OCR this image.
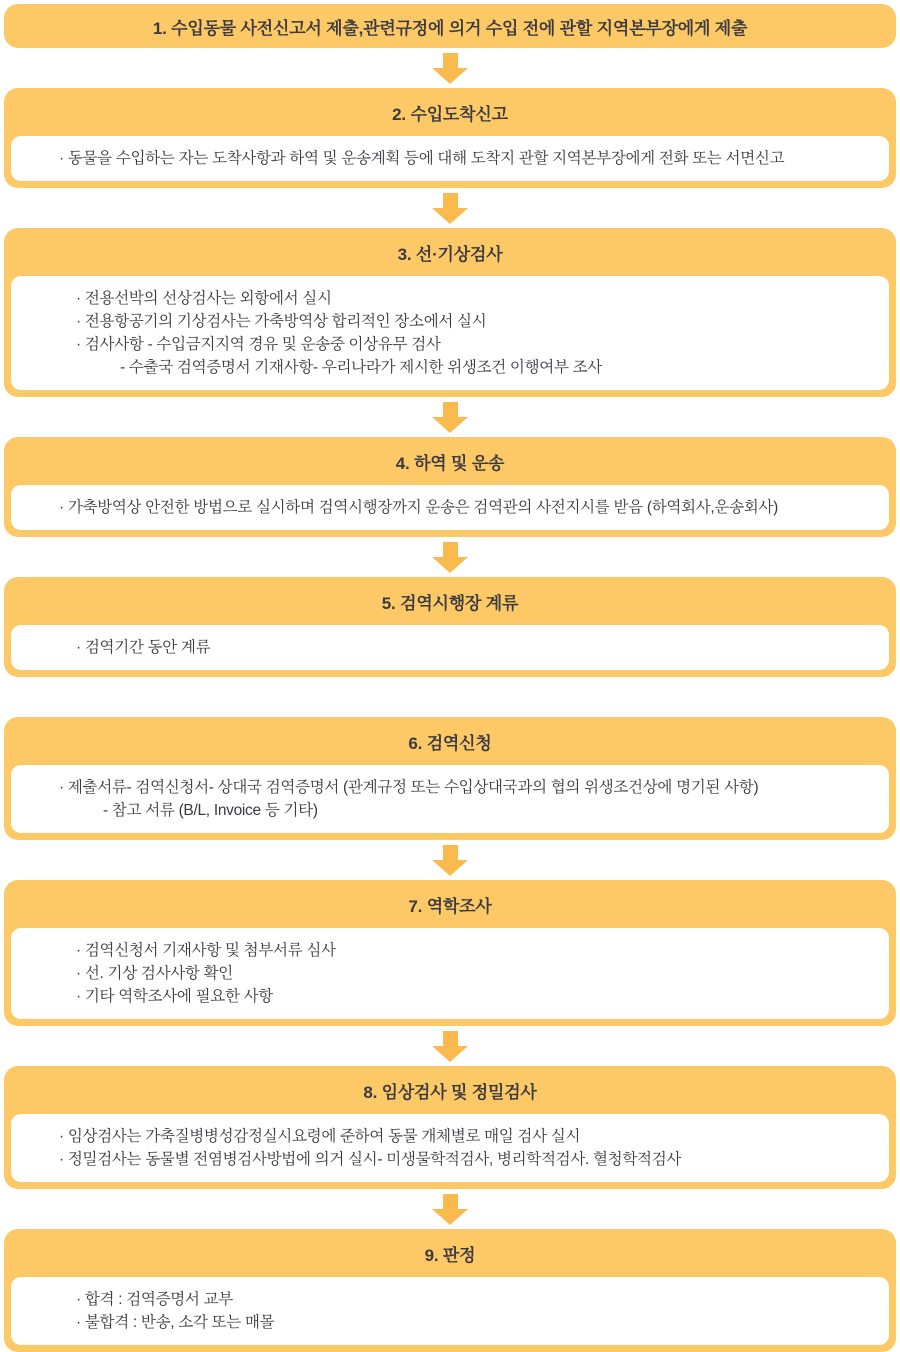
1. 수입동물 사전신고서 제출,관련규정에 의거 수입 전에 관할 지역본부장에게 제출
2. 수입도착신고
· 동물을 수입하는 자는 도착사항과 하역 및 운송계획 등에 대해 도착지 관할 지역본부장에게 전화 또는 서면신고
3. 선·기상검사
· 전용선박의 선상검사는 외항에서 실시
· 전용항공기의 기상검사는 가축방역상 합리적인 장소에서 실시
· 검사사항 - 수입금지지역 경유 및 운송중 이상유무 검사
- 수출국 검역증명서 기재사항- 우리나라가 제시한 위생조건 이행여부 조사
4. 하역 및 운송
· 가축방역상 안전한 방법으로 실시하며 검역시행장까지 운송은 검역관의 사전지시를 받음 (하역회사,운송회사)
5. 검역시행장 계류
· 검역기간 동안 계류
6. 검역신청
· 제출서류- 검역신청서- 상대국 검역증명서 (관계규정 또는 수입상대국과의 협의 위생조건상에 명기된 사항)
- 참고 서류 (B/L, Invoice 등 기타)
7. 역학조사
· 검역신청서 기재사항 및 첨부서류 심사
· 선. 기상 검사사항 확인
· 기타 역학조사에 필요한 사항
8. 임상검사 및 정밀검사
· 임상검사는 가축질병병성감정실시요령에 준하여 동물 개체별로 매일 검사 실시
· 정밀검사는 동물별 전염병검사방법에 의거 실시- 미생물학적검사, 병리학적검사. 혈청학적검사
9. 판정
· 합격 : 검역증명서 교부
· 불합격 : 반송, 소각 또는 매몰
